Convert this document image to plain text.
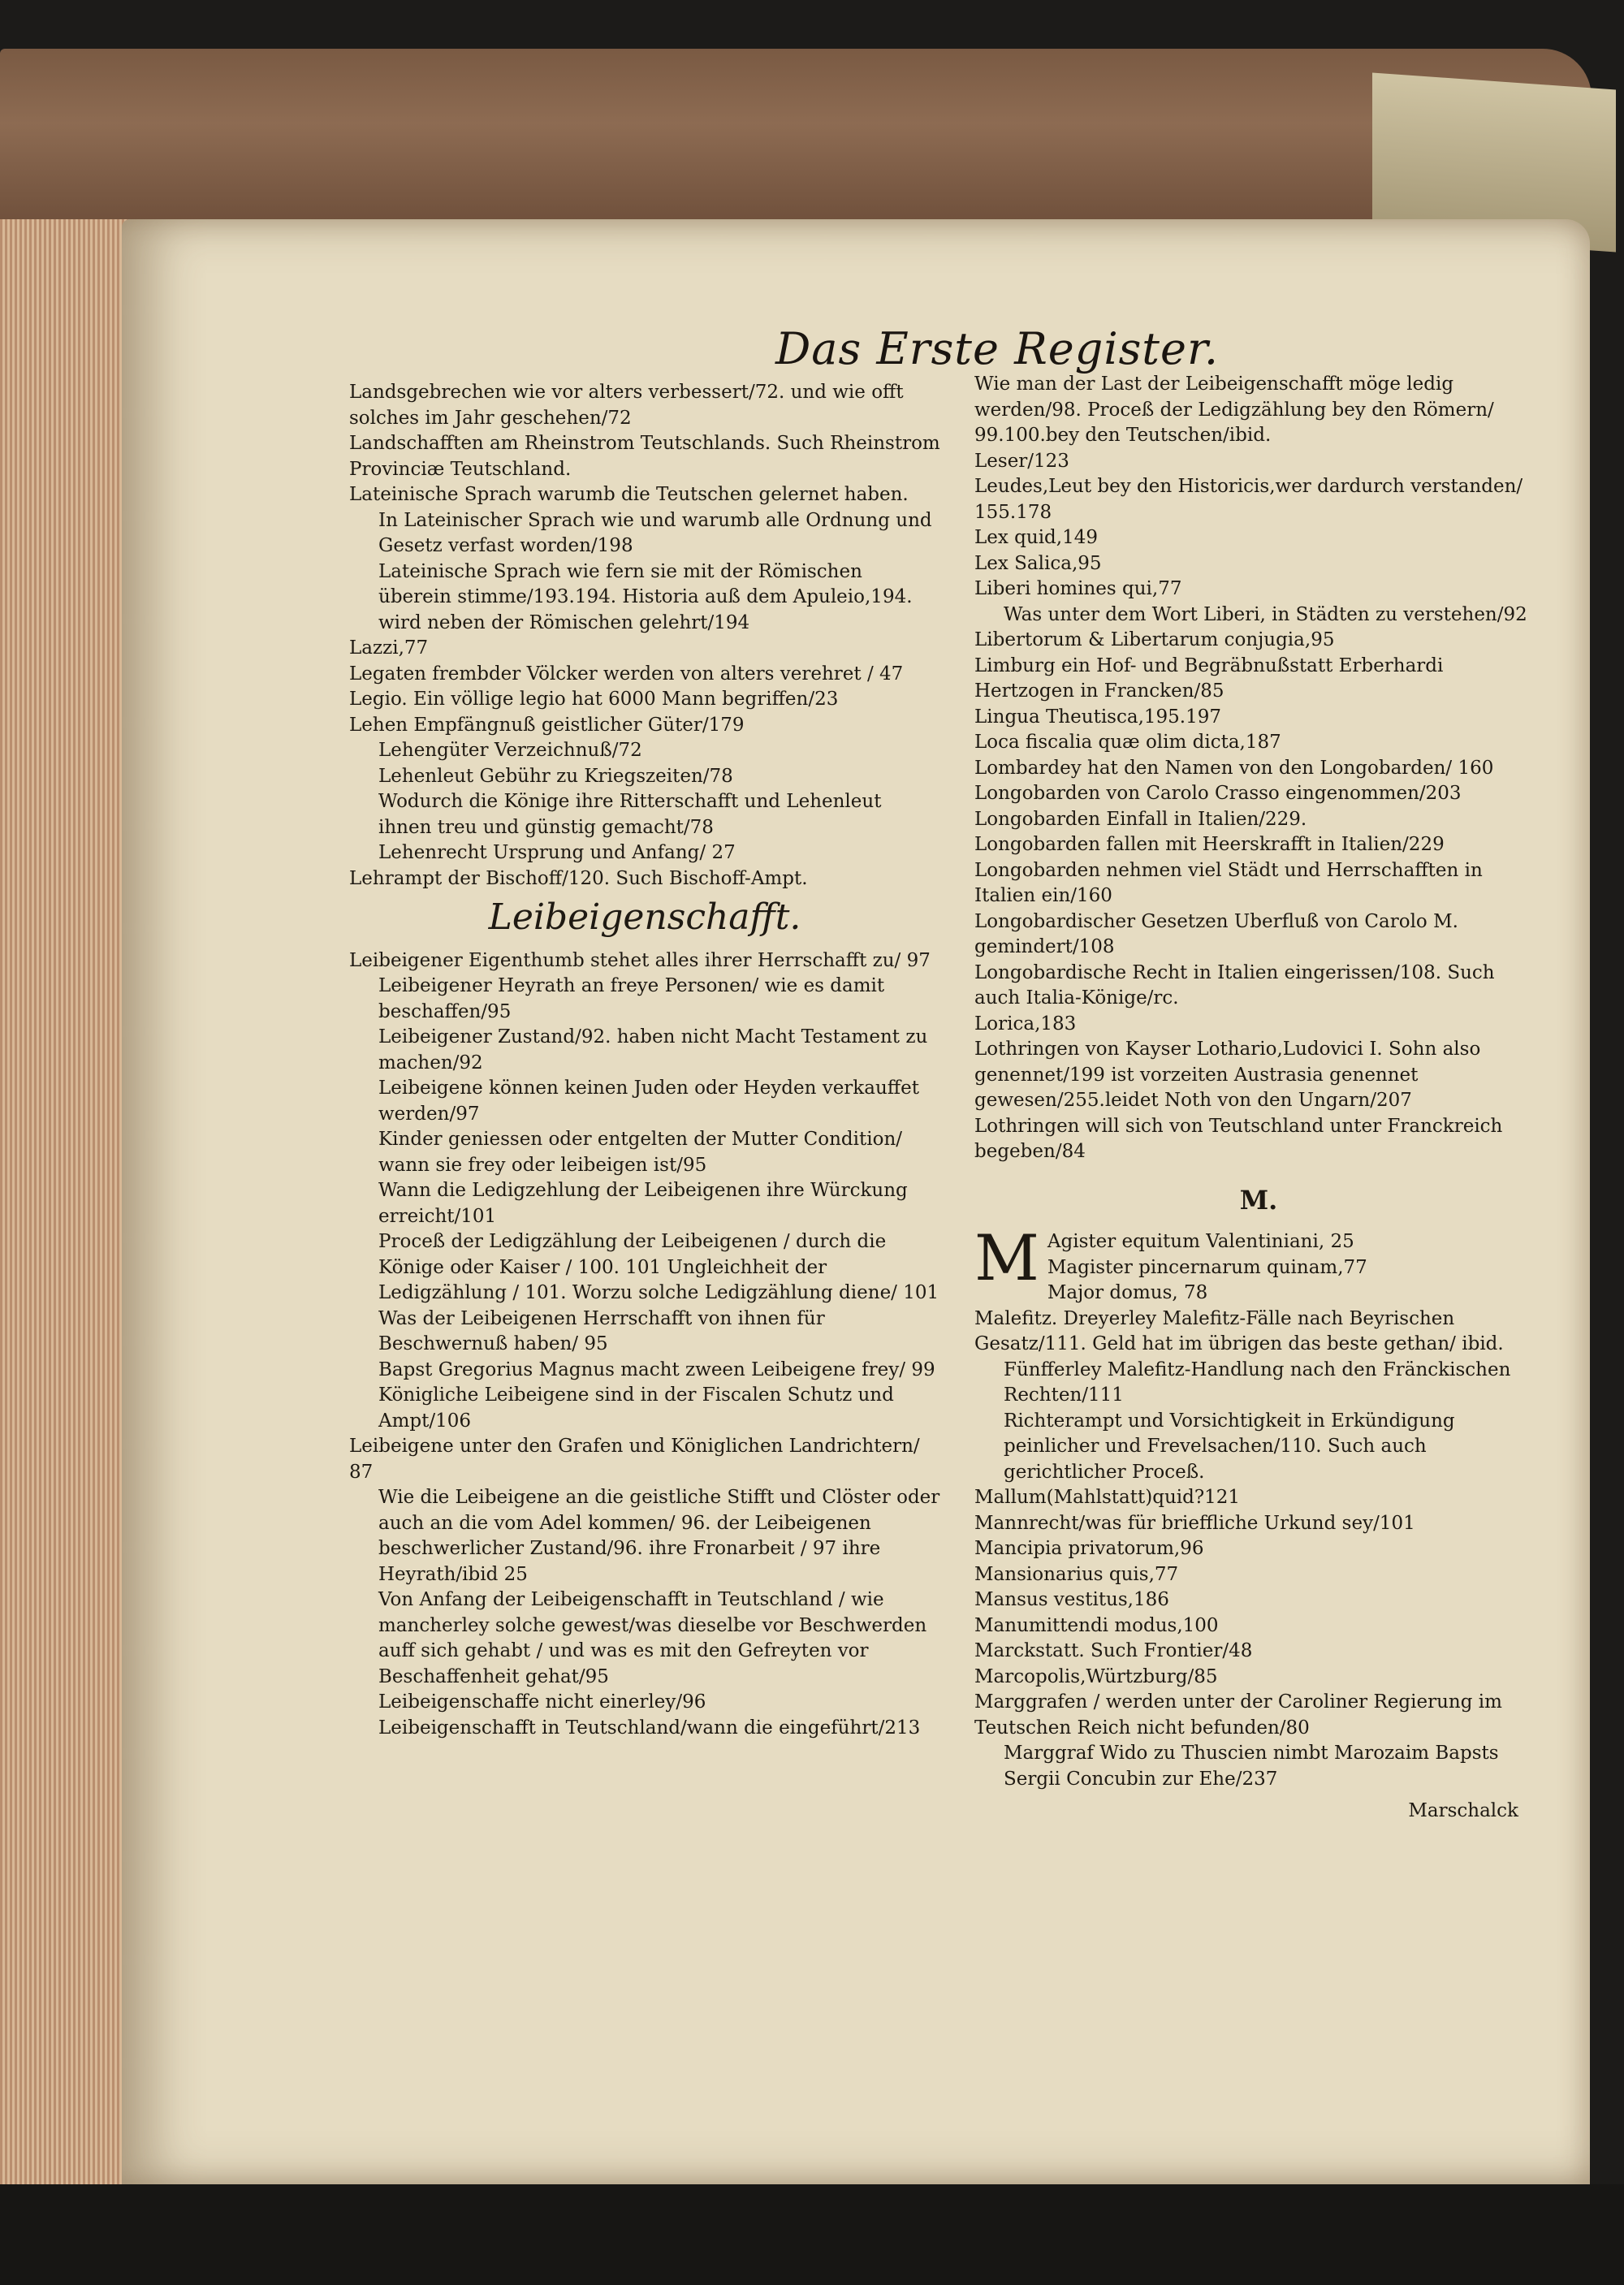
Das Erste Register.

Landsgebrechen wie vor alters verbessert/72. und wie offt solches im Jahr geschehen/72

Landschafften am Rheinstrom Teutschlands. Such Rheinstrom Provinciæ Teutschland.

Lateinische Sprach warumb die Teutschen gelernet haben.

In Lateinischer Sprach wie und warumb alle Ordnung und Gesetz verfast worden/198

Lateinische Sprach wie fern sie mit der Römischen überein stimme/193.194. Historia auß dem Apuleio,194. wird neben der Römischen gelehrt/194

Lazzi,77

Legaten frembder Völcker werden von alters verehret / 47

Legio. Ein völlige legio hat 6000 Mann begriffen/23

Lehen Empfängnuß geistlicher Güter/179

Lehengüter Verzeichnuß/72

Lehenleut Gebühr zu Kriegszeiten/78

Wodurch die Könige ihre Ritterschafft und Lehenleut ihnen treu und günstig gemacht/78

Lehenrecht Ursprung und Anfang/ 27

Lehrampt der Bischoff/120. Such Bischoff-Ampt.

Leibeigenschafft.

Leibeigener Eigenthumb stehet alles ihrer Herrschafft zu/ 97

Leibeigener Heyrath an freye Personen/ wie es damit beschaffen/95

Leibeigener Zustand/92. haben nicht Macht Testament zu machen/92

Leibeigene können keinen Juden oder Heyden verkauffet werden/97

Kinder geniessen oder entgelten der Mutter Condition/ wann sie frey oder leibeigen ist/95

Wann die Ledigzehlung der Leibeigenen ihre Würckung erreicht/101

Proceß der Ledigzählung der Leibeigenen / durch die Könige oder Kaiser / 100. 101 Ungleichheit der Ledigzählung / 101. Worzu solche Ledigzählung diene/ 101

Was der Leibeigenen Herrschafft von ihnen für Beschwernuß haben/ 95

Bapst Gregorius Magnus macht zween Leibeigene frey/ 99

Königliche Leibeigene sind in der Fiscalen Schutz und Ampt/106

Leibeigene unter den Grafen und Königlichen Landrichtern/ 87

Wie die Leibeigene an die geistliche Stifft und Clöster oder auch an die vom Adel kommen/ 96. der Leibeigenen beschwerlicher Zustand/96. ihre Fronarbeit / 97 ihre Heyrath/ibid 25

Von Anfang der Leibeigenschafft in Teutschland / wie mancherley solche gewest/was dieselbe vor Beschwerden auff sich gehabt / und was es mit den Gefreyten vor Beschaffenheit gehat/95

Leibeigenschaffe nicht einerley/96

Leibeigenschafft in Teutschland/wann die eingeführt/213

Wie man der Last der Leibeigenschafft möge ledig werden/98. Proceß der Ledigzählung bey den Römern/ 99.100.bey den Teutschen/ibid.

Leser/123

Leudes,Leut bey den Historicis,wer dardurch verstanden/ 155.178

Lex quid,149

Lex Salica,95

Liberi homines qui,77

Was unter dem Wort Liberi, in Städten zu verstehen/92

Libertorum & Libertarum conjugia,95

Limburg ein Hof- und Begräbnußstatt Erberhardi Hertzogen in Francken/85

Lingua Theutisca,195.197

Loca fiscalia quæ olim dicta,187

Lombardey hat den Namen von den Longobarden/ 160

Longobarden von Carolo Crasso eingenommen/203

Longobarden Einfall in Italien/229.

Longobarden fallen mit Heerskrafft in Italien/229

Longobarden nehmen viel Städt und Herrschafften in Italien ein/160

Longobardischer Gesetzen Uberfluß von Carolo M. gemindert/108

Longobardische Recht in Italien eingerissen/108. Such auch Italia-Könige/rc.

Lorica,183

Lothringen von Kayser Lothario,Ludovici I. Sohn also genennet/199 ist vorzeiten Austrasia genennet gewesen/255.leidet Noth von den Ungarn/207

Lothringen will sich von Teutschland unter Franckreich begeben/84

M.
M Agister equitum Valentiniani, 25

Magister pincernarum quinam,77

Major domus, 78

Malefitz. Dreyerley Malefitz-Fälle nach Beyrischen Gesatz/111. Geld hat im übrigen das beste gethan/ ibid.

Fünfferley Malefitz-Handlung nach den Fränckischen Rechten/111

Richterampt und Vorsichtigkeit in Erkündigung peinlicher und Frevelsachen/110. Such auch gerichtlicher Proceß.

Mallum(Mahlstatt)quid?121

Mannrecht/was für brieffliche Urkund sey/101

Mancipia privatorum,96

Mansionarius quis,77

Mansus vestitus,186

Manumittendi modus,100

Marckstatt. Such Frontier/48

Marcopolis,Würtzburg/85

Marggrafen / werden unter der Caroliner Regierung im Teutschen Reich nicht befunden/80

Marggraf Wido zu Thuscien nimbt Marozaim Bapsts Sergii Concubin zur Ehe/237

Marschalck
